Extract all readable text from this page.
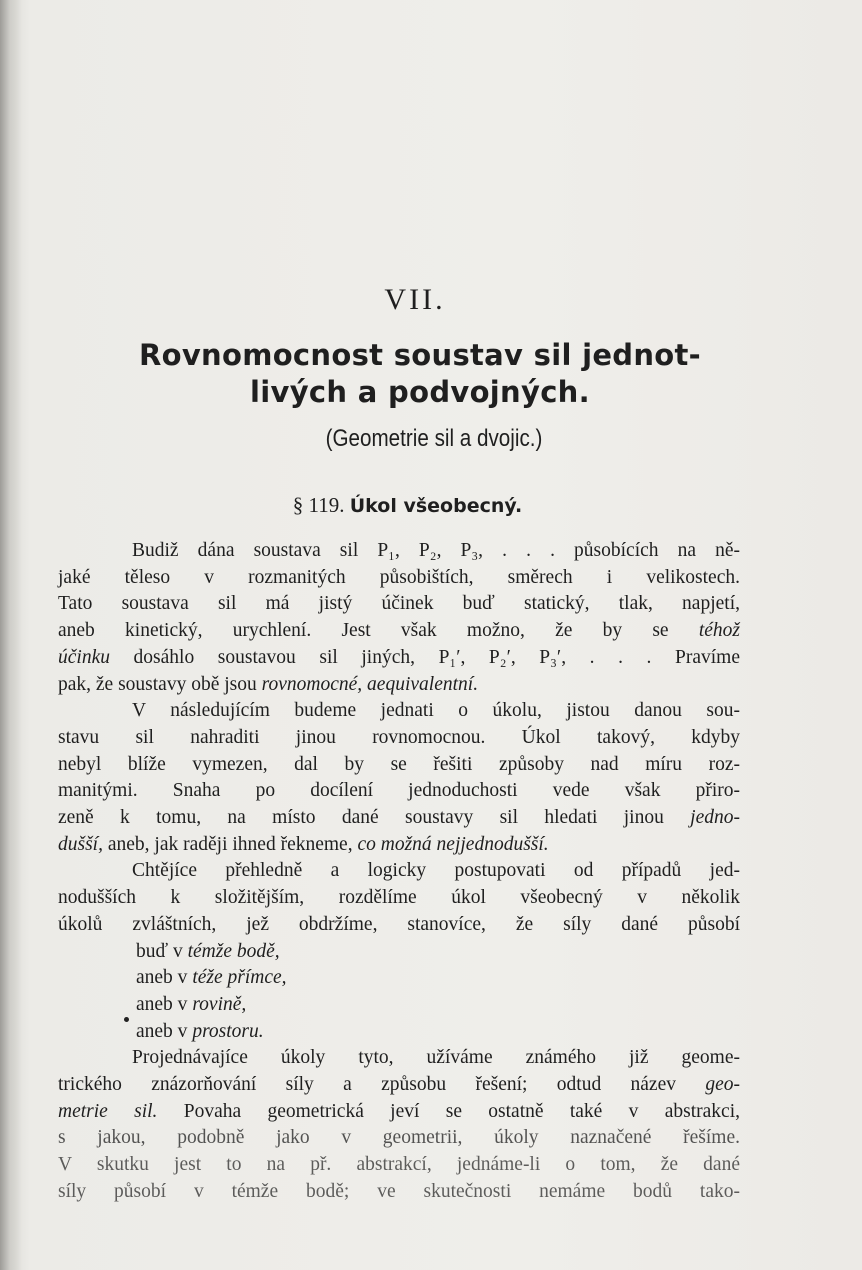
VII.
Rovnomocnost soustav sil jednot-
livých a podvojných.
(Geometrie sil a dvojic.)
§ 119. Úkol všeobecný.
Budiž dána soustava sil P₁, P₂, P₃, . . . působících na ně-
jaké těleso v rozmanitých působištích, směrech i velikostech.
Tato soustava sil má jistý účinek buď statický, tlak, napjetí,
aneb kinetický, urychlení. Jest však možno, že by se téhož
účinku dosáhlo soustavou sil jiných, P₁′, P₂′, P₃′, . . . Pravíme
pak, že soustavy obě jsou rovnomocné, aequivalentní.
V následujícím budeme jednati o úkolu, jistou danou sou-
stavu sil nahraditi jinou rovnomocnou. Úkol takový, kdyby
nebyl blíže vymezen, dal by se řešiti způsoby nad míru roz-
manitými. Snaha po docílení jednoduchosti vede však přiro-
zeně k tomu, na místo dané soustavy sil hledati jinou jedno-
dušší, aneb, jak raději ihned řekneme, co možná nejjednodušší.
Chtějíce přehledně a logicky postupovati od případů jed-
nodušších k složitějším, rozdělíme úkol všeobecný v několik
úkolů zvláštních, jež obdržíme, stanovíce, že síly dané působí
buď v témže bodě,
aneb v téže přímce,
aneb v rovině,
aneb v prostoru.
Projednávajíce úkoly tyto, užíváme známého již geome-
trického znázorňování síly a způsobu řešení; odtud název geo-
metrie sil. Povaha geometrická jeví se ostatně také v abstrakci,
s jakou, podobně jako v geometrii, úkoly naznačené řešíme.
V skutku jest to na př. abstrakcí, jednáme-li o tom, že dané
síly působí v témže bodě; ve skutečnosti nemáme bodů tako-
